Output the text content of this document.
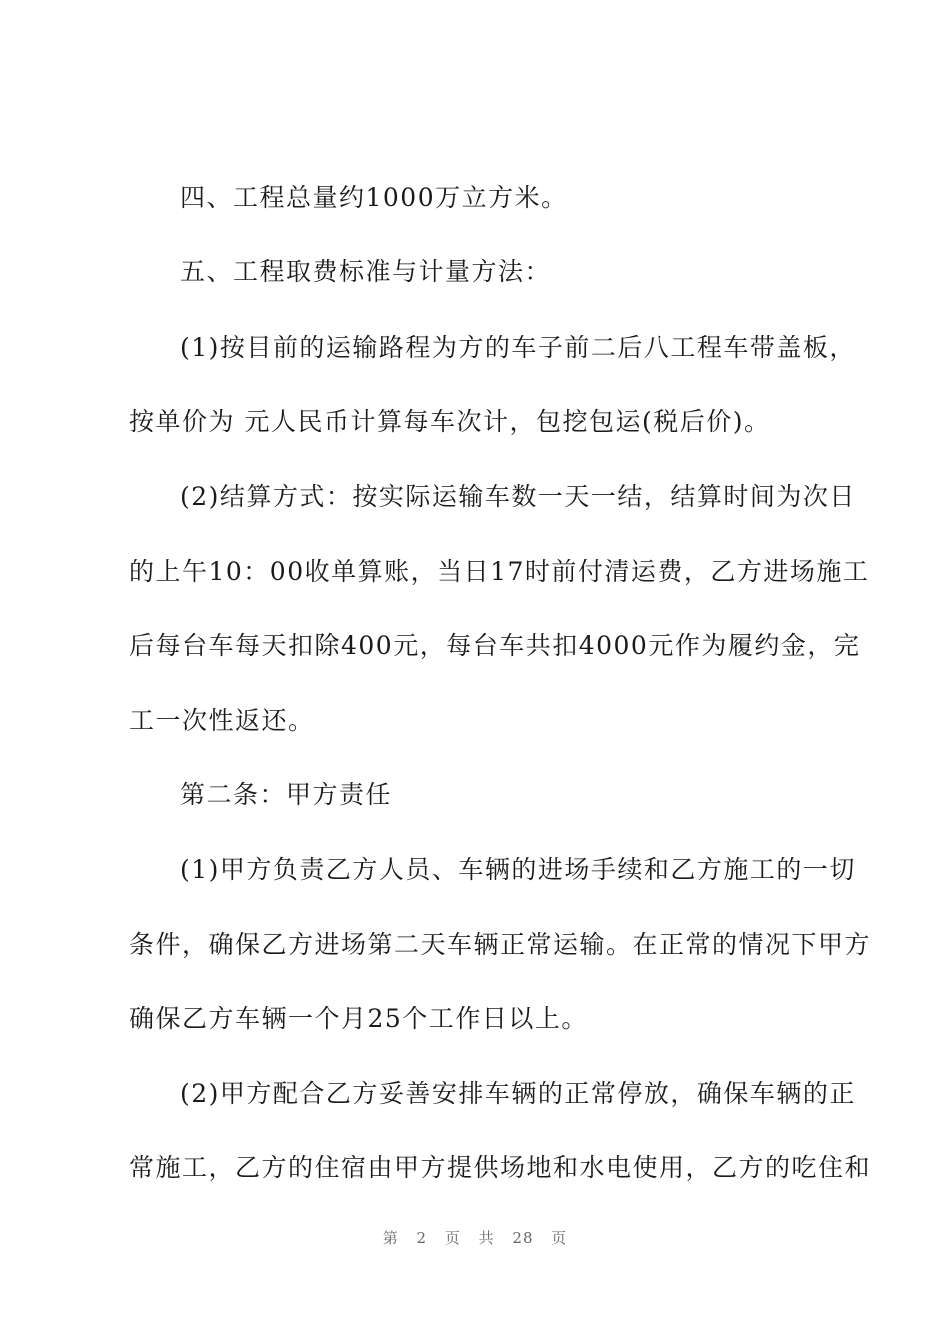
四、工程总量约1000万立方米。
五、工程取费标准与计量方法：
(1)按目前的运输路程为方的车子前二后八工程车带盖板，
按单价为 元人民币计算每车次计，包挖包运(税后价)。
(2)结算方式：按实际运输车数一天一结，结算时间为次日
的上午10：00收单算账，当日17时前付清运费，乙方进场施工
后每台车每天扣除400元，每台车共扣4000元作为履约金，完
工一次性返还。
第二条：甲方责任
(1)甲方负责乙方人员、车辆的进场手续和乙方施工的一切
条件，确保乙方进场第二天车辆正常运输。在正常的情况下甲方
确保乙方车辆一个月25个工作日以上。
(2)甲方配合乙方妥善安排车辆的正常停放，确保车辆的正
常施工，乙方的住宿由甲方提供场地和水电使用，乙方的吃住和
第 2 页 共 28 页
